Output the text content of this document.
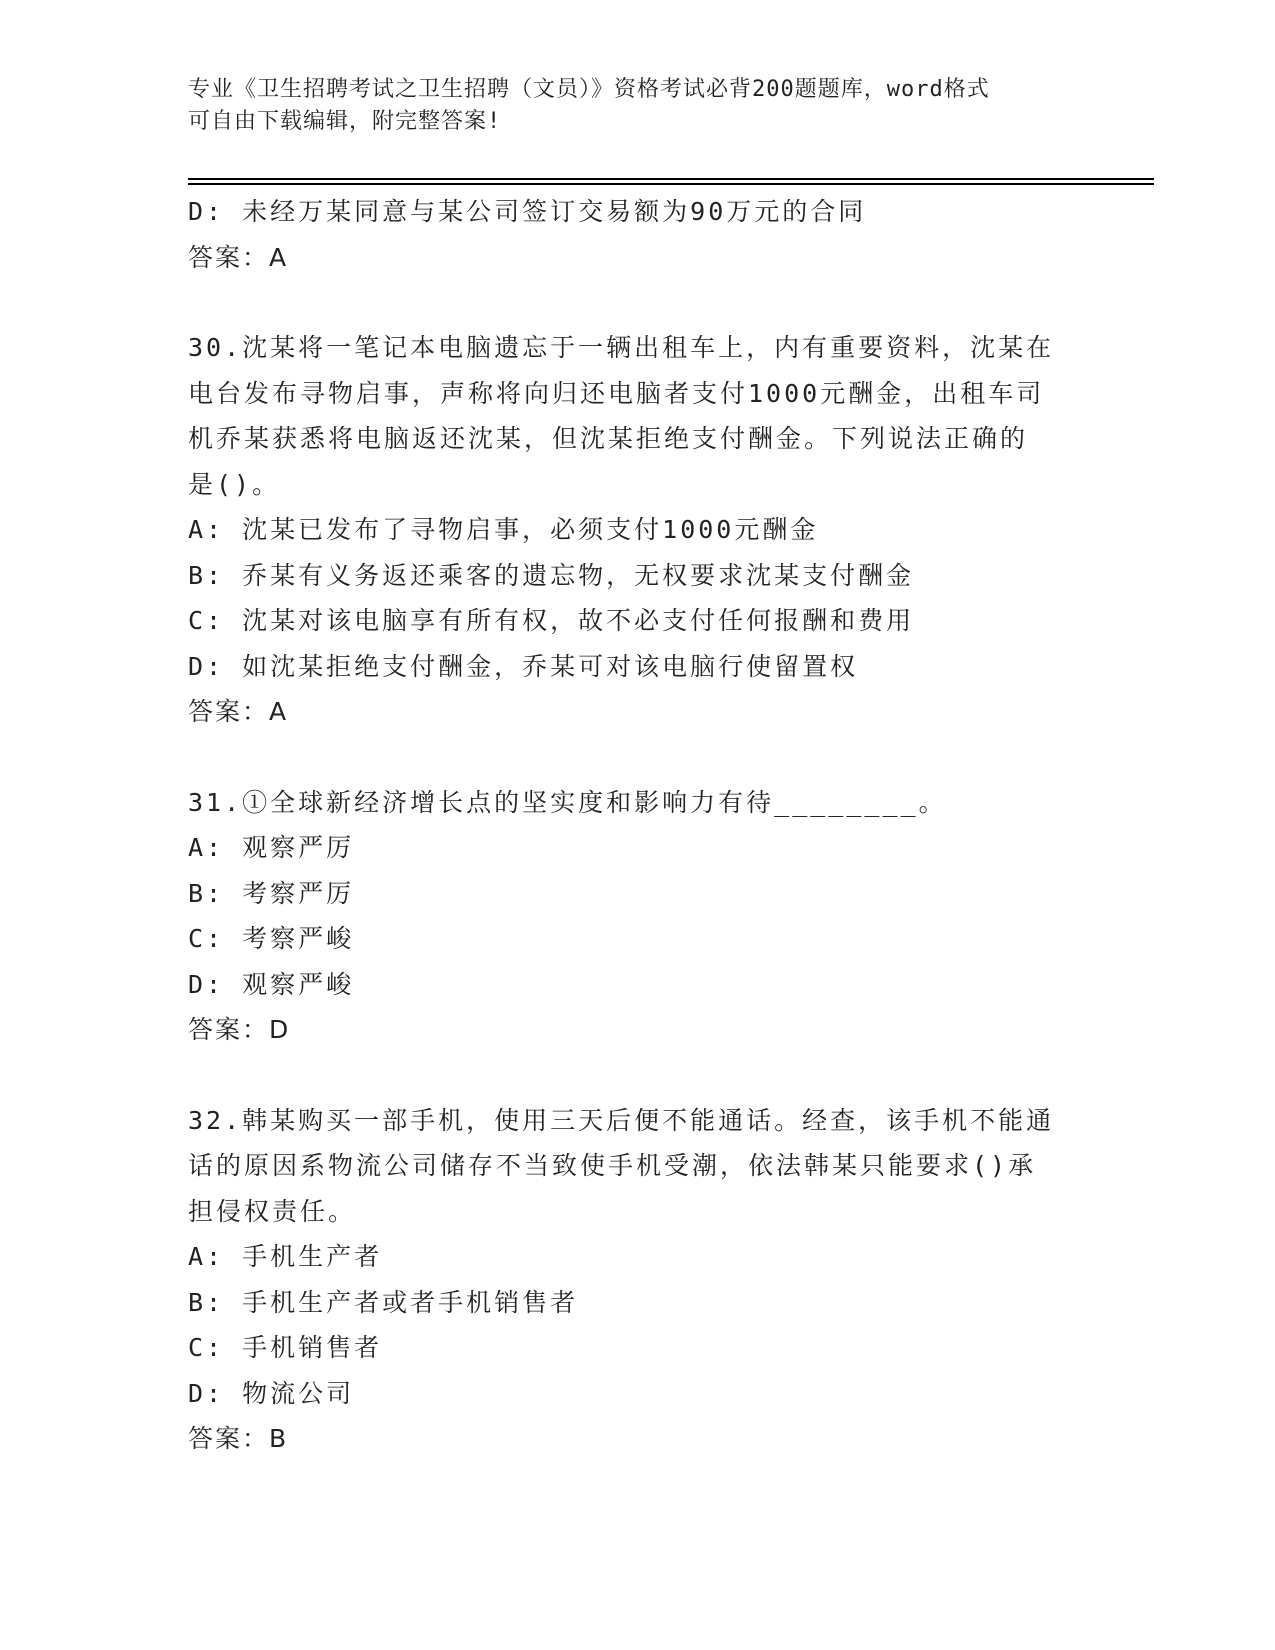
专业《卫生招聘考试之卫生招聘（文员）》资格考试必背200题题库，word格式
可自由下载编辑，附完整答案!
D: 未经万某同意与某公司签订交易额为90万元的合同
答案：A
30.沈某将一笔记本电脑遗忘于一辆出租车上，内有重要资料，沈某在
电台发布寻物启事，声称将向归还电脑者支付1000元酬金，出租车司
机乔某获悉将电脑返还沈某，但沈某拒绝支付酬金。下列说法正确的
是()。
A: 沈某已发布了寻物启事，必须支付1000元酬金
B: 乔某有义务返还乘客的遗忘物，无权要求沈某支付酬金
C: 沈某对该电脑享有所有权，故不必支付任何报酬和费用
D: 如沈某拒绝支付酬金，乔某可对该电脑行使留置权
答案：A
31.①全球新经济增长点的坚实度和影响力有待________。
A: 观察严厉
B: 考察严厉
C: 考察严峻
D: 观察严峻
答案：D
32.韩某购买一部手机，使用三天后便不能通话。经查，该手机不能通
话的原因系物流公司储存不当致使手机受潮，依法韩某只能要求()承
担侵权责任。
A: 手机生产者
B: 手机生产者或者手机销售者
C: 手机销售者
D: 物流公司
答案：B
